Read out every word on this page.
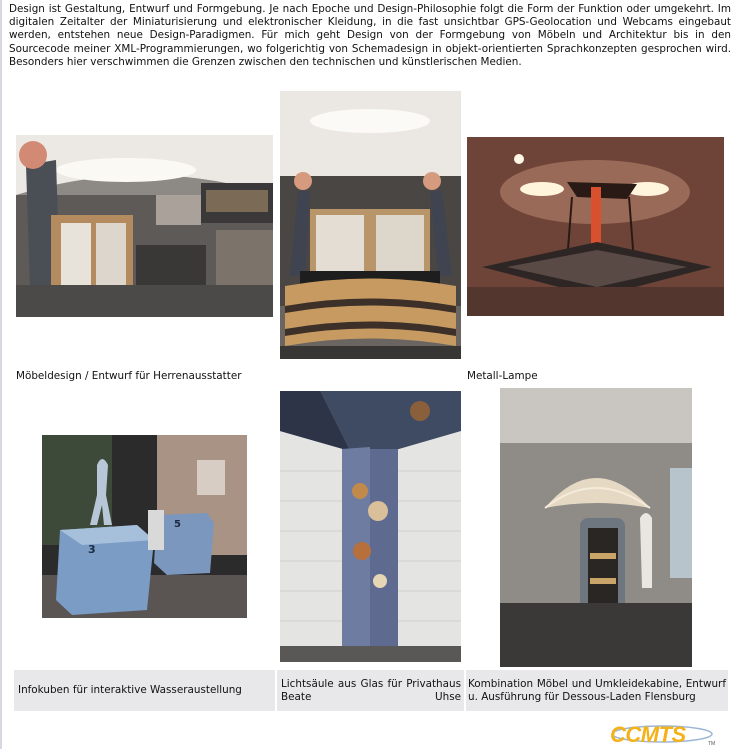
Design ist Gestaltung, Entwurf und Formgebung. Je nach Epoche und Design-Philosophie folgt die Form der Funktion oder umgekehrt. Im digitalen Zeitalter der Miniaturisierung und elektronischer Kleidung, in die fast unsichtbar GPS-Geolocation und Webcams eingebaut werden, entstehen neue Design-Paradigmen. Für mich geht Design von der Formgebung von Möbeln und Architektur bis in den Sourcecode meiner XML-Programmierungen, wo folgerichtig von Schemadesign in objekt-orientierten Sprachkonzepten gesprochen wird. Besonders hier verschwimmen die Grenzen zwischen den technischen und künstlerischen Medien.

Möbeldesign / Entwurf für Herrenausstatter	Metall-Lampe
3
5
Infokuben für interaktive Wasseraustellung
Lichtsäule aus Glas für Privathaus Beate Uhse
Kombination Möbel und Umkleidekabine, Entwurf u. Ausführung für Dessous-Laden Flensburg
CCMTS	TM
